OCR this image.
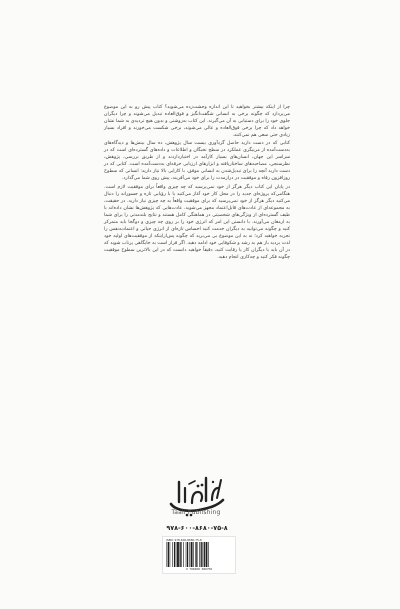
چرا از اینکه بیشتر بخواهید تا این اندازه وحشت‌زده می‌شوید؟ کتاب پیش رو به این موضوع می‌پردازد که چگونه برخی به انسانی شگفت‌انگیز و فوق‌العاده تبدیل می‌شوند و چرا دیگران جلوی خود را برای دستیابی به آن می‌گیرند. این کتاب به‌روشنی و بدون هیچ تردیدی به شما نشان خواهد داد که چرا برخی فوق‌العاده و عالی می‌شوند، برخی شکست می‌خورند و افراد بسیار زیادی حتی سعی هم نمی‌کنند.

کتابی که در دست دارید حاصل گردآوری بیست سال پژوهش، ده سال بینش‌ها و دیدگاه‌های به‌دست‌آمده از مربیگری عملکرد در سطح نخبگان و اطلاعات و داده‌های گسترده‌ای است که در سراسر این جهان، انسان‌های بسیار کارآمد در اختیارداردند و از طریق بررسی، پژوهش، نظرسنجی، مصاحبه‌های ساختاریافته و ابزارهای ارزیابی حرفه‌ای به‌دست‌آمده است. کتابی که در دست دارید آنچه را برای تبدیل‌شدن به انسانی موفق، با کارایی بالا نیاز دارید: انسانی که سطوح روزافزون رفاه و موفقیت در درازمدت را برای خود می‌آفریند، پیش روی شما می‌گذارد.

در پایان این کتاب دیگر هرگز از خود نمی‌پرسید که چه چیزی واقعاً برای موفقیت لازم است. هنگامی‌که پروژه‌ای جدید را در محل کار خود آغاز می‌کنید یا با رؤیایی تازه و جسورانه را دنبال می‌کنید دیگر هرگز از خود نمی‌پرسید که برای موفقیت واقعاً به چه چیزی نیاز دارید. در حقیقت، به مجموعه‌ای از عادت‌های قابل‌اعتماد مجهز می‌شوید. عادت‌هایی که پژوهش‌ها نشان داده‌اند با طیف گسترده‌ای از ویژگی‌های شخصیتی در هماهنگی کامل هستند و نتایج بلندمدتی را برای شما به ارمغان می‌آورند. با دانستن این امر که انرژی خود را بر روی چه چیزی و دو‌گجا باید متمرکز کنید و چگونه می‌توانید به دیگران خدمت کنید احساس تازه‌ای از انرژی حیاتی و اعتمادبه‌نفس را تجربه خواهید کرد؛ نه به این موضوع بی می‌برید که چگونه پس‌ازاینکه از موفقیت‌های اولیه خود لذت بردید باز هم به رشد و شکوفایی خود ادامه دهید. اگر قرار است به جایگاهی پرتاب شوید که در آن باید با دیگران کار یا رقابت کنید، دقیقاً خواهید دانست که در این بالاترین سطوح موفقیت چگونه فکر کنید و چه‌کاری انجام دهید.

Taali Publishing
۹۷۸-۶۰۰-۸۶۸۰-۷۵-۸
ISBN: 978-600-8680-75-8
9 786008 680758
